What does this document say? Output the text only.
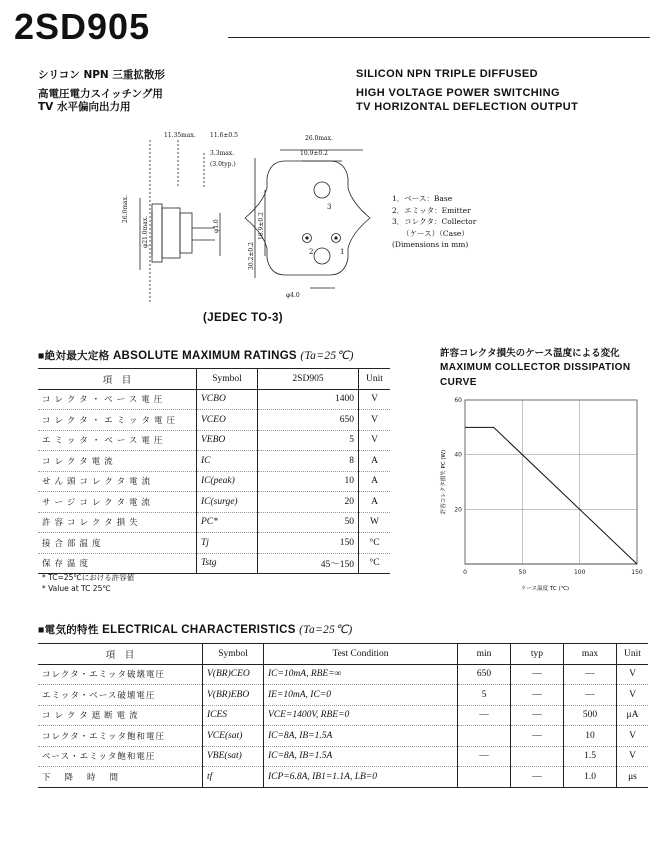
2SD905
シリコン NPN 三重拡散形	SILICON NPN TRIPLE DIFFUSED
高電圧電力スイッチング用
TV 水平偏向出力用
HIGH VOLTAGE POWER SWITCHING
TV HORIZONTAL DEFLECTION OUTPUT
11.35max. 11.6±0.5
3.3max.
(3.0typ.)
26.0max.
10.9±0.2
26.0max.
φ21.0max.	φ1.0	16.9±0.2
30.2±0.2
φ4.0
3
2	1
1．ベース：Base
2．エミッタ：Emitter
3．コレクタ：Collector
（ケース）（Case）
(Dimensions in mm)
(JEDEC TO-3)
■絶対最大定格 ABSOLUTE MAXIMUM RATINGS (Ta=25℃)
項　目	Symbol	2SD905	Unit
コレクタ・ベース電圧	VCBO	1400	V
コレクタ・エミッタ電圧	VCEO	650	V
エミッタ・ベース電圧	VEBO	5	V
コレクタ電流	IC	8	A
せん頭コレクタ電流	IC(peak)	10	A
サージコレクタ電流	IC(surge)	20	A
許容コレクタ損失	PC*	50	W
接合部温度	Tj	150	°C
保存温度	Tstg	45～150	°C
* TC=25℃における許容値
* Value at TC 25℃
許容コレクタ損失のケース温度による変化
MAXIMUM COLLECTOR DISSIPATION
CURVE
0	50	100	150
60
40
20
ケース温度 TC (℃)
許容コレクタ損失 PC (W)
■電気的特性 ELECTRICAL CHARACTERISTICS (Ta=25℃)
項　目	Symbol	Test Condition	min	typ	max	Unit
コレクタ・エミッタ破壊電圧	V(BR)CEO	IC=10mA, RBE=∞	650	—	—	V
エミッタ・ベース破壊電圧	V(BR)EBO	IE=10mA, IC=0	5	—	—	V
コレクタ遮断電流	ICES	VCE=1400V, RBE=0	—	—	500	μA
コレクタ・エミッタ飽和電圧	VCE(sat)	IC=8A, IB=1.5A		—	10	V
ベース・エミッタ飽和電圧	VBE(sat)	IC=8A, IB=1.5A	—		1.5	V
下降時間	tf	ICP=6.8A, IB1=1.1A, LB=0		—	1.0	μs
